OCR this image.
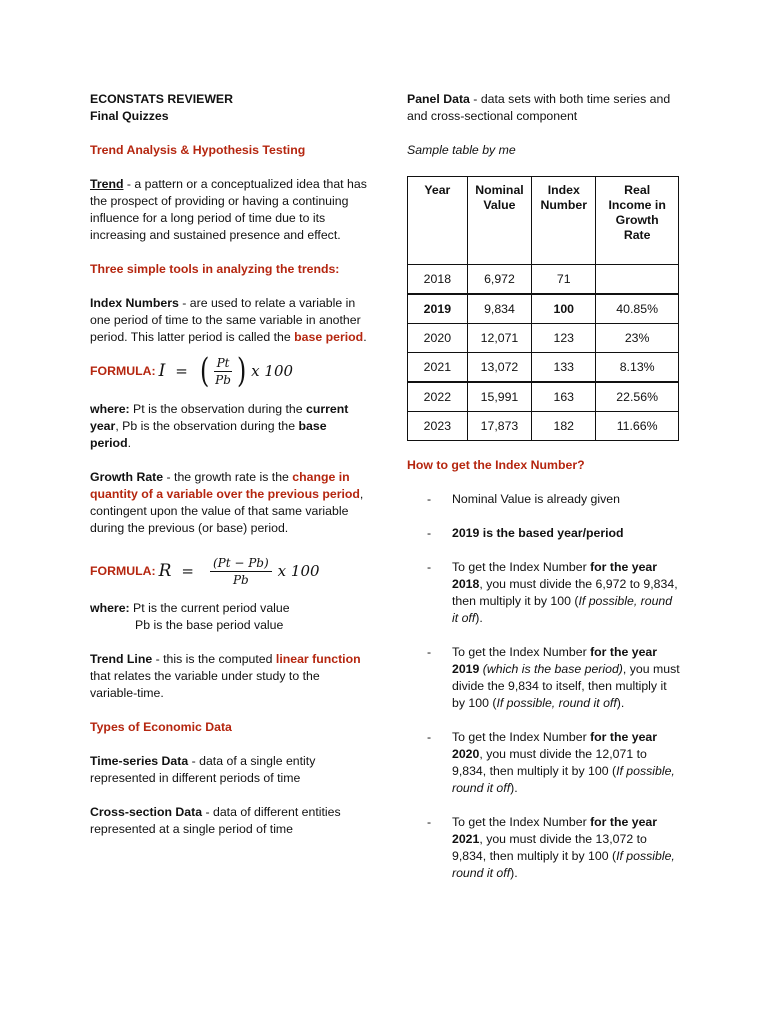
ECONSTATS REVIEWER

Final Quizzes

Trend Analysis & Hypothesis Testing

Trend - a pattern or a conceptualized idea that has the prospect of providing or having a continuing influence for a long period of time due to its increasing and sustained presence and effect.

Three simple tools in analyzing the trends:

Index Numbers - are used to relate a variable in one period of time to the same variable in another period. This latter period is called the base period.

FORMULA: I = ( $\frac{Pt}{Pb}$ ) x 100

where: Pt is the observation during the current year, Pb is the observation during the base period.

Growth Rate - the growth rate is the change in quantity of a variable over the previous period, contingent upon the value of that same variable during the previous (or base) period.

FORMULA: $R = \frac{(Pt - Pb)}{Pb}$ x 100

where: Pt is the current period value

Pb is the base period value

Trend Line - this is the computed linear function that relates the variable under study to the variable-time.

Types of Economic Data

Time-series Data - data of a single entity represented in different periods of time

Cross-section Data - data of different entities represented at a single period of time

Panel Data - data sets with both time series and and cross-sectional component

Sample table by me

Year	Nominal Value	Index Number	Real Income in Growth Rate
2018	6,972	71	
2019	9,834	100	40.85%
2020	12,071	123	23%
2021	13,072	133	8.13%
2022	15,991	163	22.56%
2023	17,873	182	11.66%

How to get the Index Number?

-	Nominal Value is already given
-	2019 is the based year/period
-	To get the Index Number for the year 2018, you must divide the 6,972 to 9,834, then multiply it by 100 (If possible, round it off).
-	To get the Index Number for the year 2019 (which is the base period), you must divide the 9,834 to itself, then multiply it by 100 (If possible, round it off).
-	To get the Index Number for the year 2020, you must divide the 12,071 to 9,834, then multiply it by 100 (If possible, round it off).
-	To get the Index Number for the year 2021, you must divide the 13,072 to 9,834, then multiply it by 100 (If possible, round it off).
